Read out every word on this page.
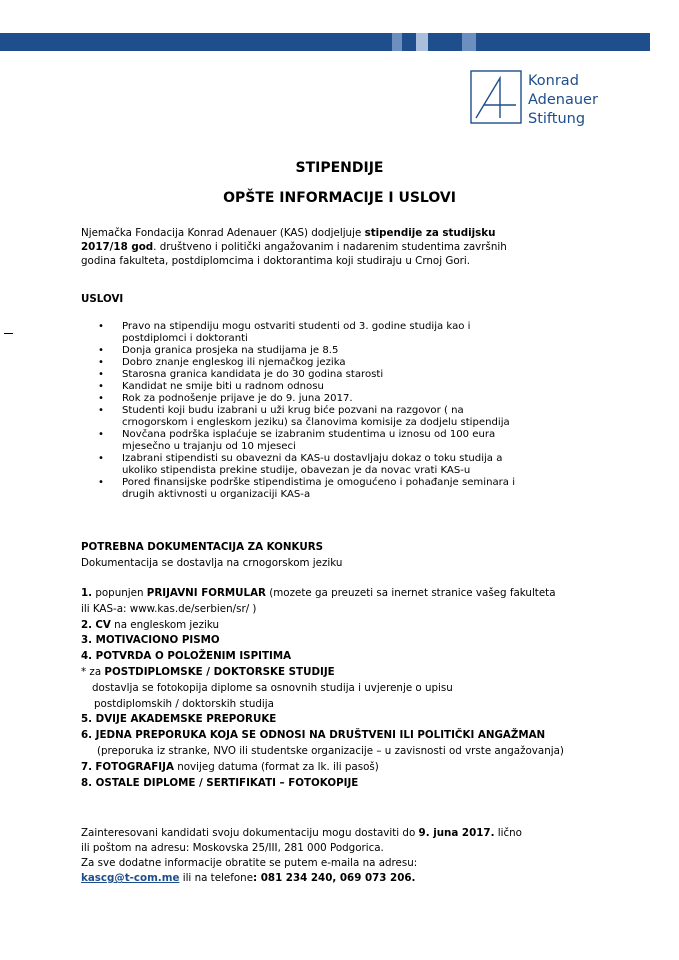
Konrad
Adenauer
Stiftung
STIPENDIJE
OPŠTE INFORMACIJE I USLOVI
Njemačka Fondacija Konrad Adenauer (KAS) dodjeljuje stipendije za studijsku
2017/18 god. društveno i politički angažovanim i nadarenim studentima završnih
godina fakulteta, postdiplomcima i doktorantima koji studiraju u Crnoj Gori.
USLOVI
• Pravo na stipendiju mogu ostvariti studenti od 3. godine studija kao i
postdiplomci i doktoranti
• Donja granica prosjeka na studijama je 8.5
• Dobro znanje engleskog ili njemačkog jezika
• Starosna granica kandidata je do 30 godina starosti
• Kandidat ne smije biti u radnom odnosu
• Rok za podnošenje prijave je do 9. juna 2017.
• Studenti koji budu izabrani u uži krug biće pozvani na razgovor ( na
crnogorskom i engleskom jeziku) sa članovima komisije za dodjelu stipendija
• Novčana podrška isplaćuje se izabranim studentima u iznosu od 100 eura
mjesečno u trajanju od 10 mjeseci
• Izabrani stipendisti su obavezni da KAS-u dostavljaju dokaz o toku studija a
ukoliko stipendista prekine studije, obavezan je da novac vrati KAS-u
• Pored finansijske podrške stipendistima je omogućeno i pohađanje seminara i
drugih aktivnosti u organizaciji KAS-a
POTREBNA DOKUMENTACIJA ZA KONKURS
Dokumentacija se dostavlja na crnogorskom jeziku
1. popunjen PRIJAVNI FORMULAR (mozete ga preuzeti sa inernet stranice vašeg fakulteta
ili KAS-a: www.kas.de/serbien/sr/ )
2. CV na engleskom jeziku
3. MOTIVACIONO PISMO
4. POTVRDA O POLOŽENIM ISPITIMA
* za POSTDIPLOMSKE / DOKTORSKE STUDIJE
dostavlja se fotokopija diplome sa osnovnih studija i uvjerenje o upisu
postdiplomskih / doktorskih studija
5. DVIJE AKADEMSKE PREPORUKE
6. JEDNA PREPORUKA KOJA SE ODNOSI NA DRUŠTVENI ILI POLITIČKI ANGAŽMAN
(preporuka iz stranke, NVO ili studentske organizacije – u zavisnosti od vrste angažovanja)
7. FOTOGRAFIJA novijeg datuma (format za lk. ili pasoš)
8. OSTALE DIPLOME / SERTIFIKATI – FOTOKOPIJE
Zainteresovani kandidati svoju dokumentaciju mogu dostaviti do 9. juna 2017. lično
ili poštom na adresu: Moskovska 25/III, 281 000 Podgorica.
Za sve dodatne informacije obratite se putem e-maila na adresu:
kascg@t-com.me ili na telefone: 081 234 240, 069 073 206.
